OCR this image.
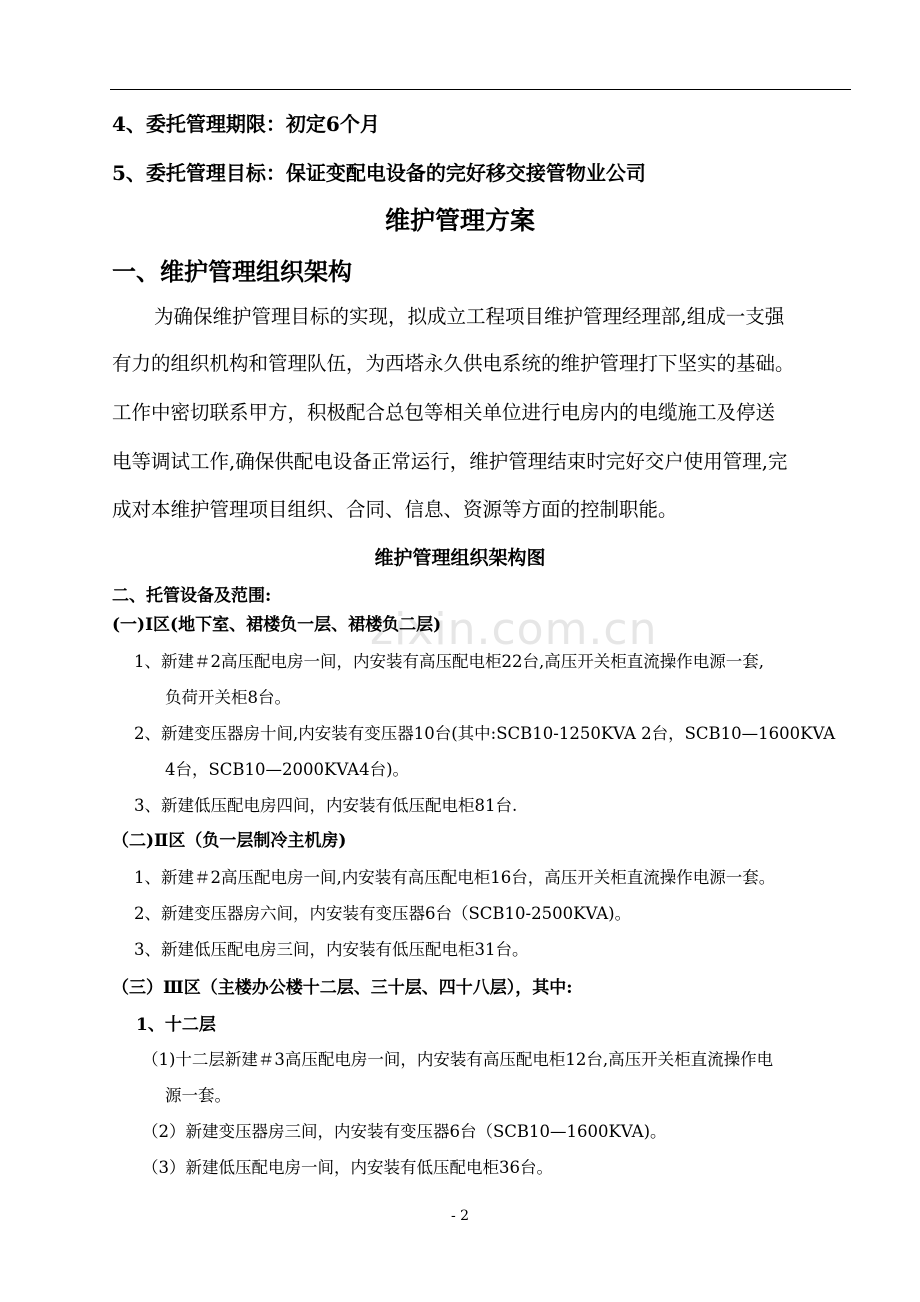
4、委托管理期限：初定6个月
5、委托管理目标：保证变配电设备的完好移交接管物业公司
维护管理方案
一、维护管理组织架构
为确保维护管理目标的实现，拟成立工程项目维护管理经理部,组成一支强
有力的组织机构和管理队伍，为西塔永久供电系统的维护管理打下坚实的基础。
工作中密切联系甲方，积极配合总包等相关单位进行电房内的电缆施工及停送
电等调试工作,确保供配电设备正常运行，维护管理结束时完好交户使用管理,完
成对本维护管理项目组织、合同、信息、资源等方面的控制职能。
维护管理组织架构图
二、托管设备及范围:
zixin.com.cn
(一)Ⅰ区(地下室、裙楼负一层、裙楼负二层)
1、新建＃2高压配电房一间，内安装有高压配电柜22台,高压开关柜直流操作电源一套,
负荷开关柜8台。
2、新建变压器房十间,内安装有变压器10台(其中:SCB10-1250KVA 2台，SCB10—1600KVA
4台，SCB10—2000KVA4台)。
3、新建低压配电房四间，内安装有低压配电柜81台.
（二)Ⅱ区（负一层制冷主机房)
1、新建＃2高压配电房一间,内安装有高压配电柜16台，高压开关柜直流操作电源一套。
2、新建变压器房六间，内安装有变压器6台（SCB10-2500KVA)。
3、新建低压配电房三间，内安装有低压配电柜31台。
（三）Ⅲ区（主楼办公楼十二层、三十层、四十八层），其中:
1、十二层
（1)十二层新建＃3高压配电房一间，内安装有高压配电柜12台,高压开关柜直流操作电
源一套。
（2）新建变压器房三间，内安装有变压器6台（SCB10—1600KVA)。
（3）新建低压配电房一间，内安装有低压配电柜36台。
- 2
